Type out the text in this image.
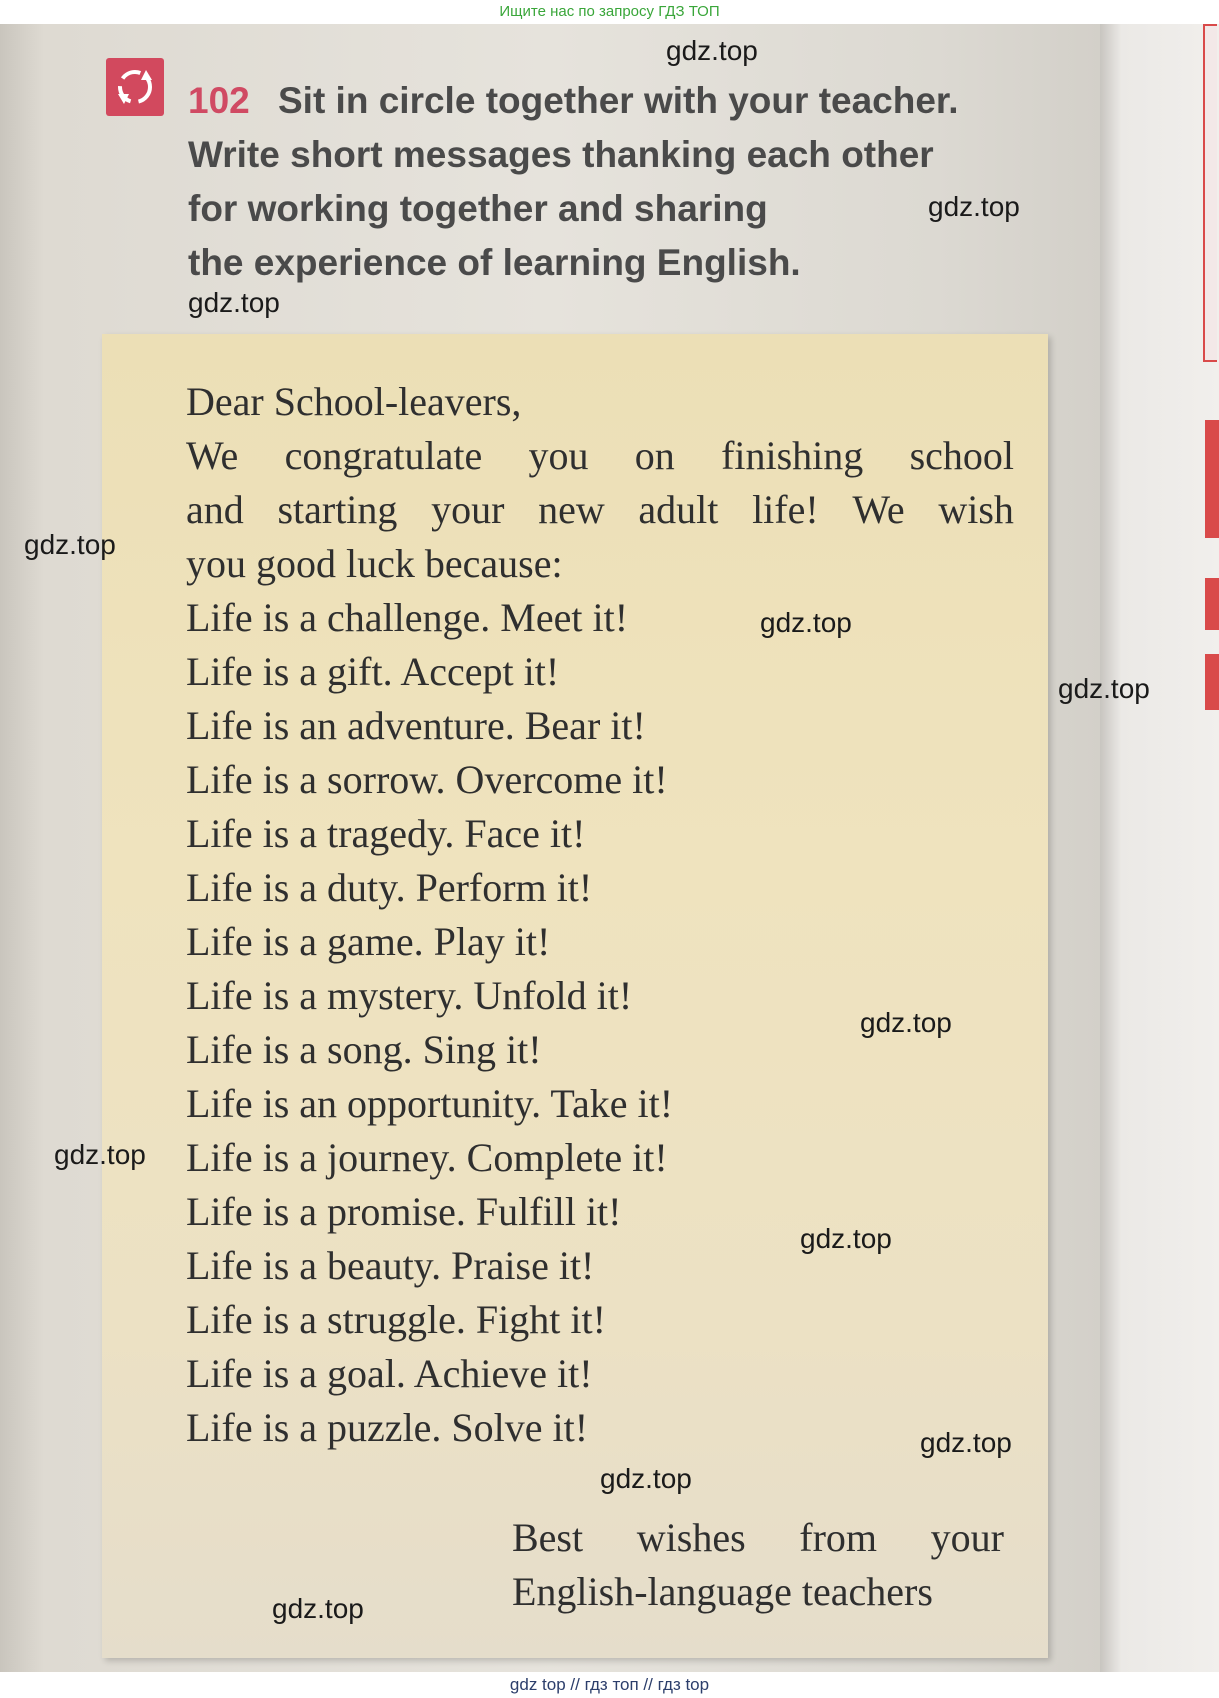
Ищите нас по запросу ГДЗ ТОП
102 Sit in circle together with your teacher.
Write short messages thanking each other
for working together and sharing
the experience of learning English.
Dear School-leavers,
We congratulate you on finishing school
and starting your new adult life! We wish
you good luck because:
Life is a challenge. Meet it!
Life is a gift. Accept it!
Life is an adventure. Bear it!
Life is a sorrow. Overcome it!
Life is a tragedy. Face it!
Life is a duty. Perform it!
Life is a game. Play it!
Life is a mystery. Unfold it!
Life is a song. Sing it!
Life is an opportunity. Take it!
Life is a journey. Complete it!
Life is a promise. Fulfill it!
Life is a beauty. Praise it!
Life is a struggle. Fight it!
Life is a goal. Achieve it!
Life is a puzzle. Solve it!
Best wishes from your
English-language teachers
gdz.top
gdz.top
gdz.top
gdz.top
gdz.top
gdz.top
gdz.top
gdz.top
gdz.top
gdz.top
gdz.top
gdz.top
gdz top // гдз топ // гдз top
